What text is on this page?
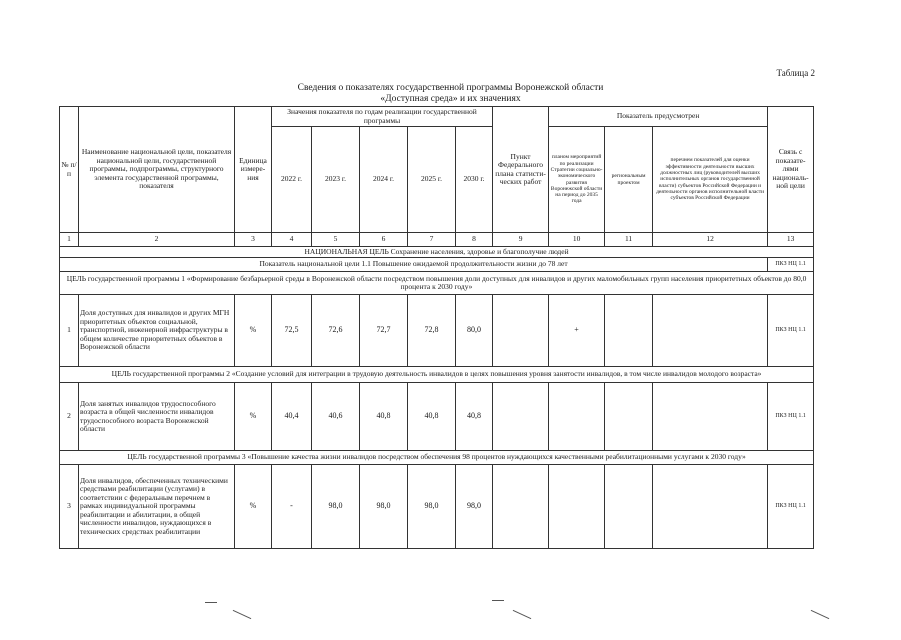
Таблица 2
Сведения о показателях государственной программы Воронежской области
«Доступная среда» и их значениях
№ п/п	Наименование национальной цели, показателя национальной цели, государственной программы, подпрограммы, структурного элемента государственной программы, показателя	Единица измере-ния	Значения показателя по годам реализации государственной программы					Пункт Федерального плана статисти-ческих работ	Показатель предусмотрен			Связь с показате-лями националь-ной цели
			2022 г.	2023 г.	2024 г.	2025 г.	2030 г.		планом мероприятий по реализации Стратегии социально-экономического развития Воронежской области на период до 2035 года	региональным проектом	перечнем показателей для оценки эффективности деятельности высших должностных лиц (руководителей высших исполнительных органов государственной власти) субъектов Российской Федерации и деятельности органов исполнительной власти субъектов Российской Федерации	
1	2	3	4	5	6	7	8	9	10	11	12	13
НАЦИОНАЛЬНАЯ ЦЕЛЬ Сохранение населения, здоровье и благополучие людей												
Показатель национальной цели 1.1 Повышение ожидаемой продолжительности жизни до 78 лет												ПКЗ НЦ 1.1
ЦЕЛЬ государственной программы 1 «Формирование безбарьерной среды в Воронежской области посредством повышения доли доступных для инвалидов и других маломобильных групп населения приоритетных объектов до 80,0 процента к 2030 году»												
1	Доля доступных для инвалидов и других МГН приоритетных объектов социальной, транспортной, инженерной инфраструктуры в общем количестве приоритетных объектов в Воронежской области	%	72,5	72,6	72,7	72,8	80,0		+			ПКЗ НЦ 1.1
ЦЕЛЬ государственной программы 2 «Создание условий для интеграции в трудовую деятельность инвалидов в целях повышения уровня занятости инвалидов, в том числе инвалидов молодого возраста»												
2	Доля занятых инвалидов трудоспособного возраста в общей численности инвалидов трудоспособного возраста Воронежской области	%	40,4	40,6	40,8	40,8	40,8					ПКЗ НЦ 1.1
ЦЕЛЬ государственной программы 3 «Повышение качества жизни инвалидов посредством обеспечения 98 процентов нуждающихся качественными реабилитационными услугами к 2030 году»												
3	Доля инвалидов, обеспеченных техническими средствами реабилитации (услугами) в соответствии с федеральным перечнем в рамках индивидуальной программы реабилитации и абилитации, в общей численности инвалидов, нуждающихся в технических средствах реабилитации	%	-	98,0	98,0	98,0	98,0					ПКЗ НЦ 1.1
